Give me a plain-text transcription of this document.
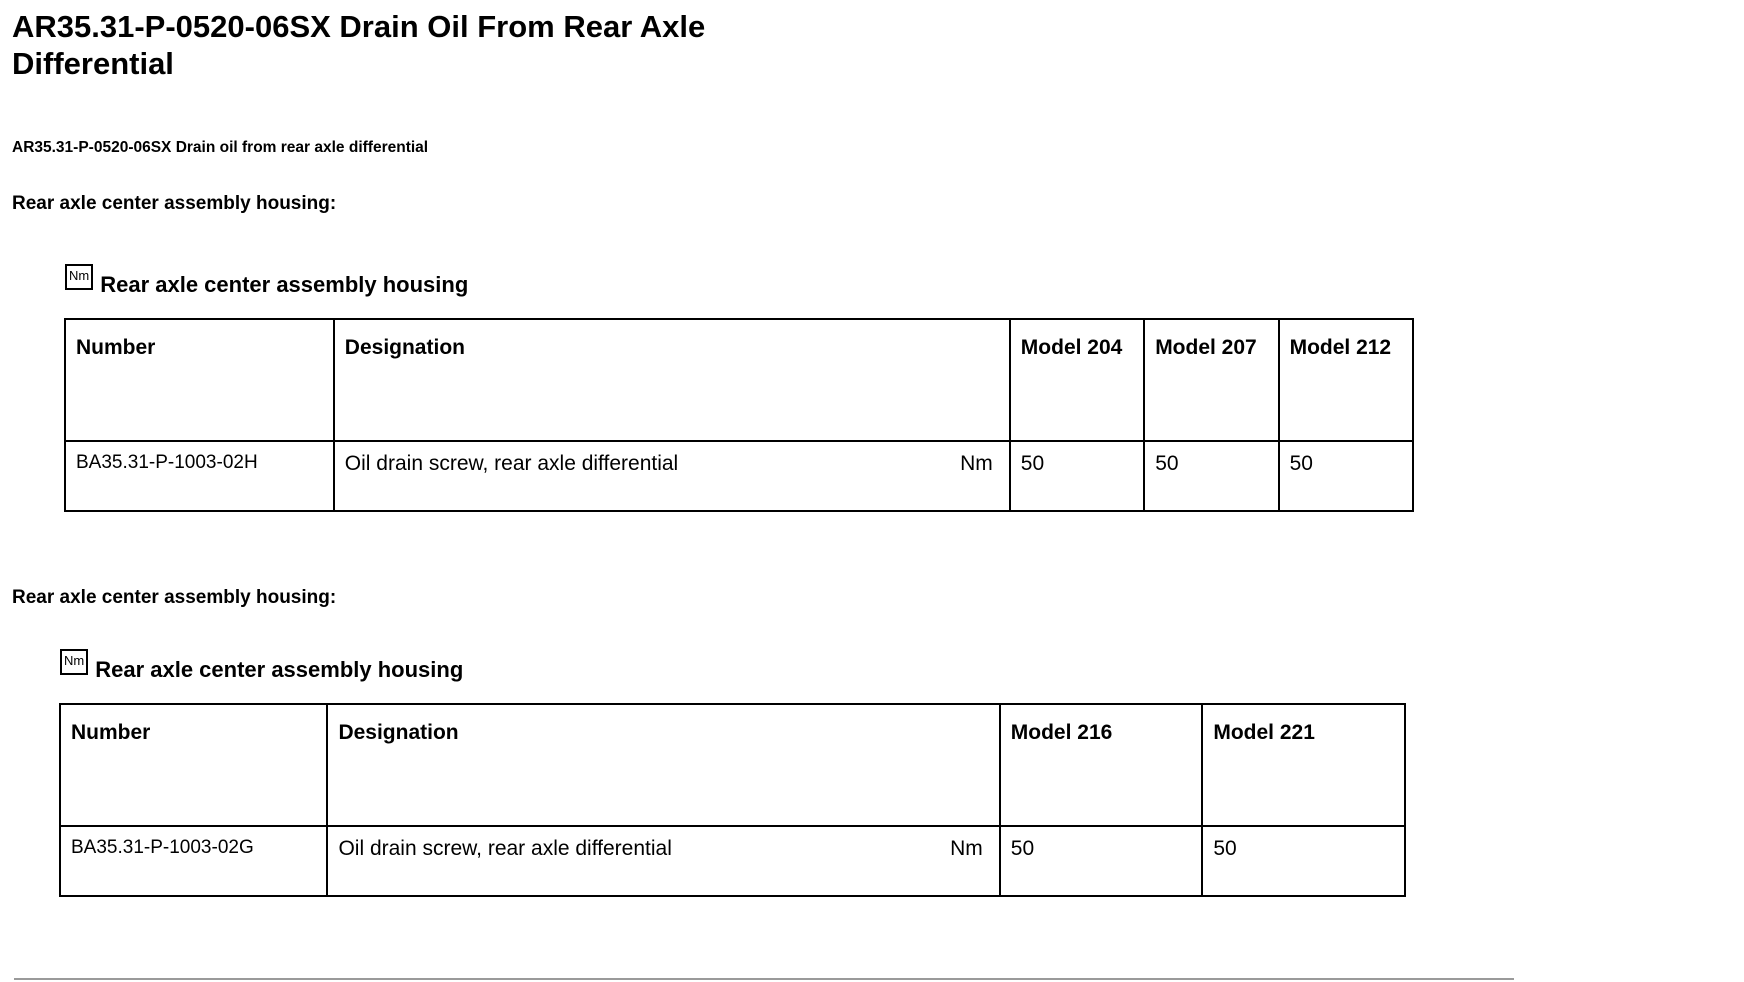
AR35.31-P-0520-06SX Drain Oil From Rear Axle Differential

AR35.31-P-0520-06SX Drain oil from rear axle differential

Rear axle center assembly housing:

Nm Rear axle center assembly housing
Number	Designation	Model 204	Model 207	Model 212
BA35.31-P-1003-02H	Oil drain screw, rear axle differential Nm	50	50	50

Rear axle center assembly housing:

Nm Rear axle center assembly housing
Number	Designation	Model 216	Model 221
BA35.31-P-1003-02G	Oil drain screw, rear axle differential Nm	50	50
